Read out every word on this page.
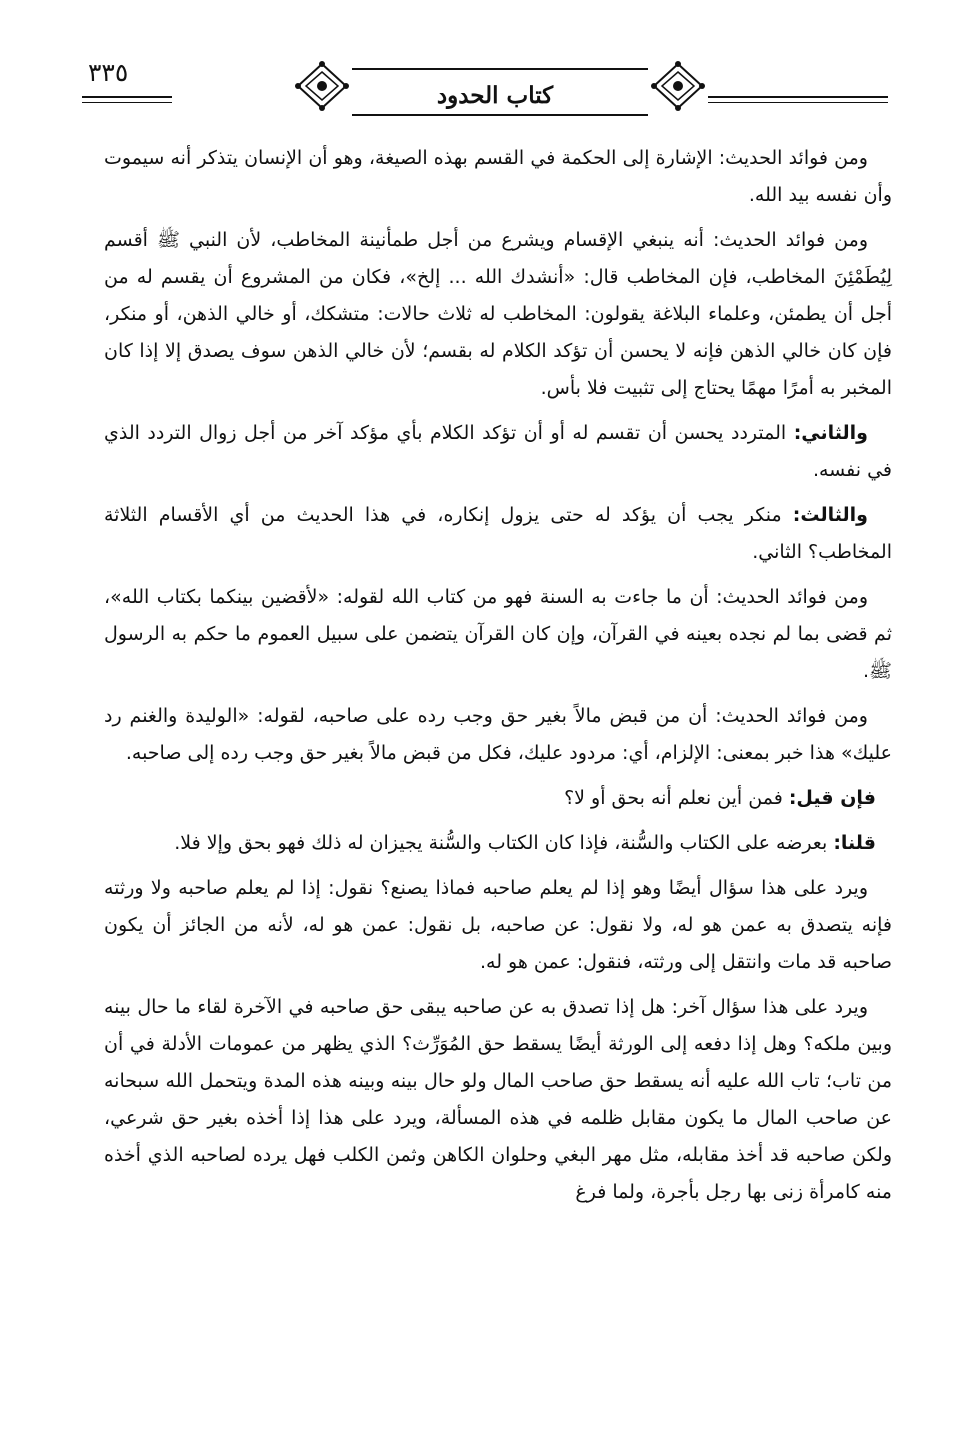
٣٣٥
كتاب الحدود

ومن فوائد الحديث: الإشارة إلى الحكمة في القسم بهذه الصيغة، وهو أن الإنسان يتذكر أنه سيموت وأن نفسه بيد الله.

ومن فوائد الحديث: أنه ينبغي الإقسام ويشرع من أجل طمأنينة المخاطب، لأن النبي ﷺ أقسم لِيُطَمْئِنَ المخاطب، فإن المخاطب قال: «أنشدك الله ... إلخ»، فكان من المشروع أن يقسم له من أجل أن يطمئن، وعلماء البلاغة يقولون: المخاطب له ثلاث حالات: متشكك، أو خالي الذهن، أو منكر، فإن كان خالي الذهن فإنه لا يحسن أن تؤكد الكلام له بقسم؛ لأن خالي الذهن سوف يصدق إلا إذا كان المخبر به أمرًا مهمًا يحتاج إلى تثبيت فلا بأس.

والثاني: المتردد يحسن أن تقسم له أو أن تؤكد الكلام بأي مؤكد آخر من أجل زوال التردد الذي في نفسه.

والثالث: منكر يجب أن يؤكد له حتى يزول إنكاره، في هذا الحديث من أي الأقسام الثلاثة المخاطب؟ الثاني.

ومن فوائد الحديث: أن ما جاءت به السنة فهو من كتاب الله لقوله: «لأقضين بينكما بكتاب الله»، ثم قضى بما لم نجده بعينه في القرآن، وإن كان القرآن يتضمن على سبيل العموم ما حكم به الرسول ﷺ.

ومن فوائد الحديث: أن من قبض مالاً بغير حق وجب رده على صاحبه، لقوله: «الوليدة والغنم رد عليك» هذا خبر بمعنى: الإلزام، أي: مردود عليك، فكل من قبض مالاً بغير حق وجب رده إلى صاحبه.

فإن قيل: فمن أين نعلم أنه بحق أو لا؟

قلنا: بعرضه على الكتاب والسُّنة، فإذا كان الكتاب والسُّنة يجيزان له ذلك فهو بحق وإلا فلا.

ويرد على هذا سؤال أيضًا وهو إذا لم يعلم صاحبه فماذا يصنع؟ نقول: إذا لم يعلم صاحبه ولا ورثته فإنه يتصدق به عمن هو له، ولا نقول: عن صاحبه، بل نقول: عمن هو له، لأنه من الجائز أن يكون صاحبه قد مات وانتقل إلى ورثته، فنقول: عمن هو له.

ويرد على هذا سؤال آخر: هل إذا تصدق به عن صاحبه يبقى حق صاحبه في الآخرة لقاء ما حال بينه وبين ملكه؟ وهل إذا دفعه إلى الورثة أيضًا يسقط حق المُوَرِّث؟ الذي يظهر من عمومات الأدلة في أن من تاب؛ تاب الله عليه أنه يسقط حق صاحب المال ولو حال بينه وبينه هذه المدة ويتحمل الله سبحانه عن صاحب المال ما يكون مقابل ظلمه في هذه المسألة، ويرد على هذا إذا أخذه بغير حق شرعي، ولكن صاحبه قد أخذ مقابله، مثل مهر البغي وحلوان الكاهن وثمن الكلب فهل يرده لصاحبه الذي أخذه منه كامرأة زنى بها رجل بأجرة، ولما فرغ
